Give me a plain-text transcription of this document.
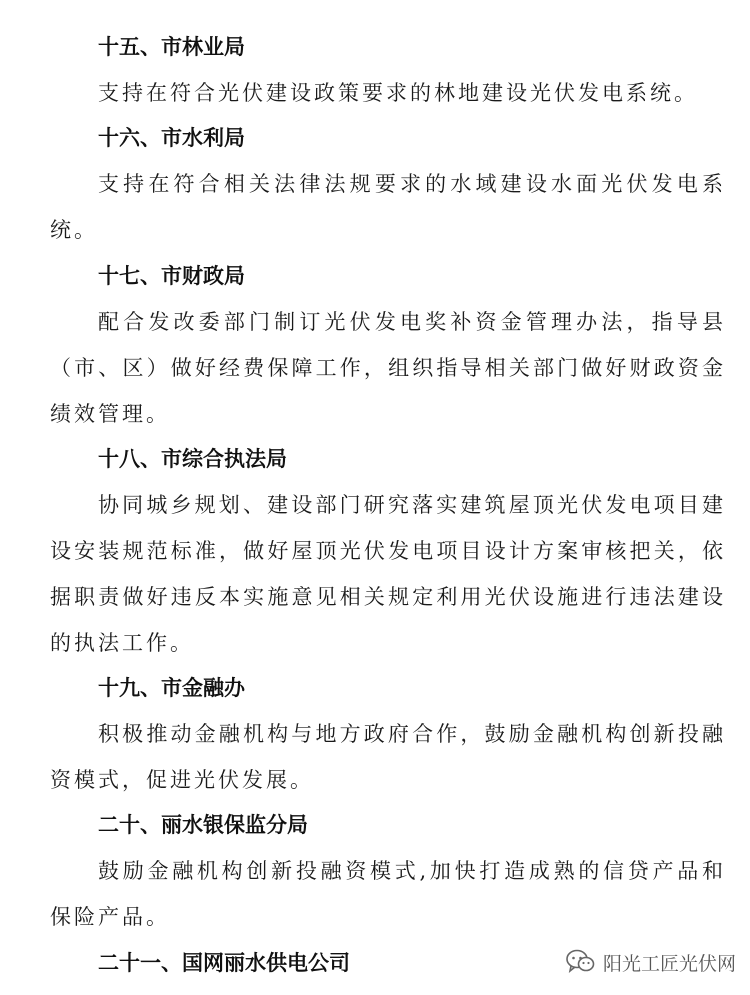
十五、市林业局
支持在符合光伏建设政策要求的林地建设光伏发电系统。
十六、市水利局
支持在符合相关法律法规要求的水域建设水面光伏发电系统。
十七、市财政局
配合发改委部门制订光伏发电奖补资金管理办法，指导县（市、区）做好经费保障工作，组织指导相关部门做好财政资金绩效管理。
十八、市综合执法局
协同城乡规划、建设部门研究落实建筑屋顶光伏发电项目建设安装规范标准，做好屋顶光伏发电项目设计方案审核把关，依据职责做好违反本实施意见相关规定利用光伏设施进行违法建设的执法工作。
十九、市金融办
积极推动金融机构与地方政府合作，鼓励金融机构创新投融资模式，促进光伏发展。
二十、丽水银保监分局
鼓励金融机构创新投融资模式,加快打造成熟的信贷产品和保险产品。
二十一、国网丽水供电公司	阳光工匠光伏网
